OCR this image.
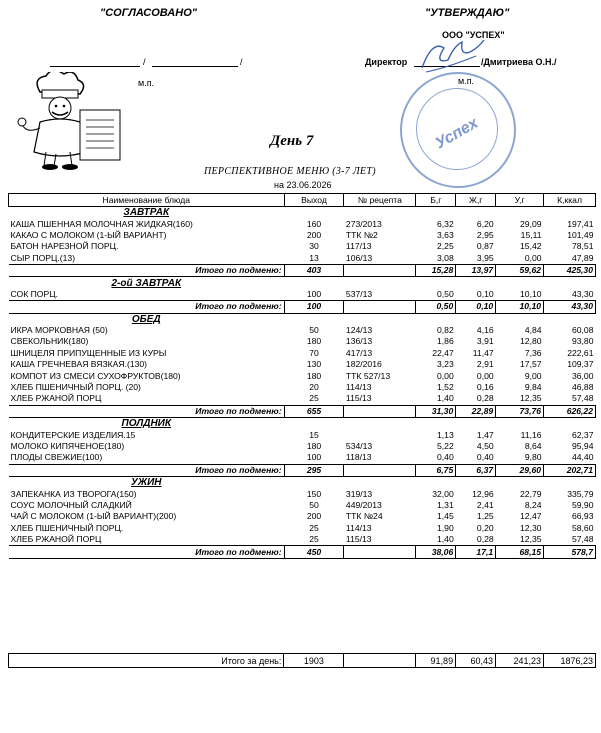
"СОГЛАСОВАНО"
/	/
м.п.
"УТВЕРЖДАЮ"
ООО "УСПЕХ"
Директор	/Дмитриева О.Н./
м.п.
Успех
День 7
ПЕРСПЕКТИВНОЕ МЕНЮ (3-7 ЛЕТ)
на 23.06.2026
Наименование блюда	Выход	№ рецепта	Б,г	Ж,г	У,г	К,ккал
ЗАВТРАК						
КАША ПШЕННАЯ МОЛОЧНАЯ ЖИДКАЯ(160)	160	273/2013	6,32	6,20	29,09	197,41
КАКАО С МОЛОКОМ (1-ЫЙ ВАРИАНТ)	200	ТТК №2	3,63	2,95	15,11	101,49
БАТОН НАРЕЗНОЙ ПОРЦ.	30	117/13	2,25	0,87	15,42	78,51
СЫР ПОРЦ.(13)	13	106/13	3,08	3,95	0,00	47,89
Итого по подменю:	403		15,28	13,97	59,62	425,30
2-ой ЗАВТРАК						
СОК ПОРЦ.	100	537/13	0,50	0,10	10,10	43,30
Итого по подменю:	100		0,50	0,10	10,10	43,30
ОБЕД						
ИКРА МОРКОВНАЯ (50)	50	124/13	0,82	4,16	4,84	60,08
СВЕКОЛЬНИК(180)	180	136/13	1,86	3,91	12,80	93,80
ШНИЦЕЛЯ ПРИПУЩЕННЫЕ ИЗ КУРЫ	70	417/13	22,47	11,47	7,36	222,61
КАША ГРЕЧНЕВАЯ ВЯЗКАЯ.(130)	130	182/2016	3,23	2,91	17,57	109,37
КОМПОТ ИЗ СМЕСИ СУХОФРУКТОВ(180)	180	ТТК 527/13	0,00	0,00	9,00	36,00
ХЛЕБ ПШЕНИЧНЫЙ ПОРЦ. (20)	20	114/13	1,52	0,16	9,84	46,88
ХЛЕБ РЖАНОЙ ПОРЦ	25	115/13	1,40	0,28	12,35	57,48
Итого по подменю:	655		31,30	22,89	73,76	626,22
ПОЛДНИК						
КОНДИТЕРСКИЕ ИЗДЕЛИЯ.15	15		1,13	1,47	11,16	62,37
МОЛОКО КИПЯЧЕНОЕ(180)	180	534/13	5,22	4,50	8,64	95,94
ПЛОДЫ СВЕЖИЕ(100)	100	118/13	0,40	0,40	9,80	44,40
Итого по подменю:	295		6,75	6,37	29,60	202,71
УЖИН						
ЗАПЕКАНКА ИЗ ТВОРОГА(150)	150	319/13	32,00	12,96	22,79	335,79
СОУС МОЛОЧНЫЙ СЛАДКИЙ	50	449/2013	1,31	2,41	8,24	59,90
ЧАЙ С МОЛОКОМ (1-ЫЙ ВАРИАНТ)(200)	200	ТТК №24	1,45	1,25	12,47	66,93
ХЛЕБ ПШЕНИЧНЫЙ ПОРЦ.	25	114/13	1,90	0,20	12,30	58,60
ХЛЕБ РЖАНОЙ ПОРЦ	25	115/13	1,40	0,28	12,35	57,48
Итого по подменю:	450		38,06	17,1	68,15	578,7
Итого за день:	1903		91,89	60,43	241,23	1876,23
